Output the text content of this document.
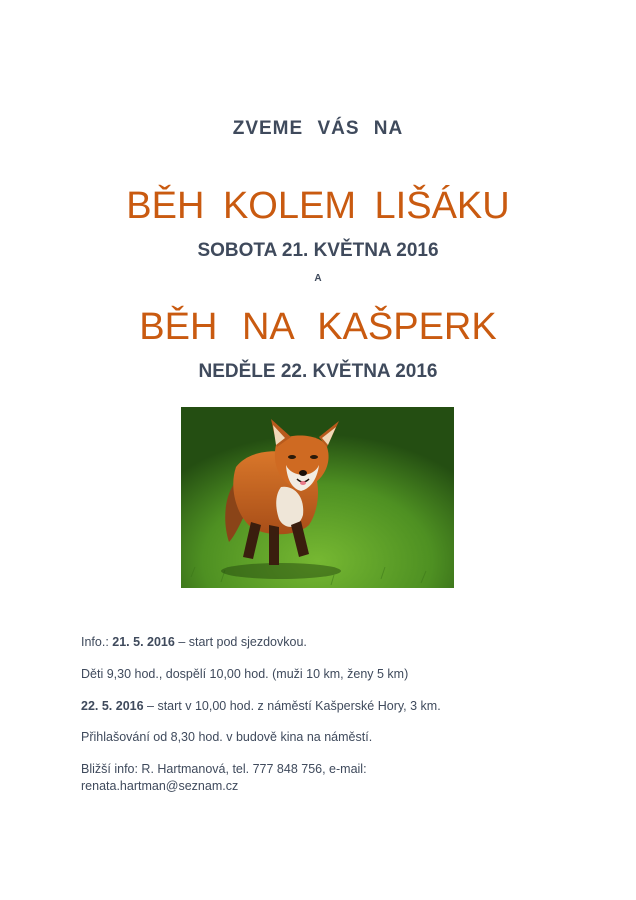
ZVEME VÁS NA
BĚH KOLEM LIŠÁKU
SOBOTA 21. KVĚTNA 2016
A
BĚH NA KAŠPERK
NEDĚLE 22. KVĚTNA 2016
Info.: 21. 5. 2016 – start pod sjezdovkou.
Děti 9,30 hod., dospělí 10,00 hod. (muži 10 km, ženy 5 km)
22. 5. 2016 – start v 10,00 hod. z náměstí Kašperské Hory, 3 km.
Přihlašování od 8,30 hod. v budově kina na náměstí.
Bližší info: R. Hartmanová, tel. 777 848 756, e-mail:
renata.hartman@seznam.cz
